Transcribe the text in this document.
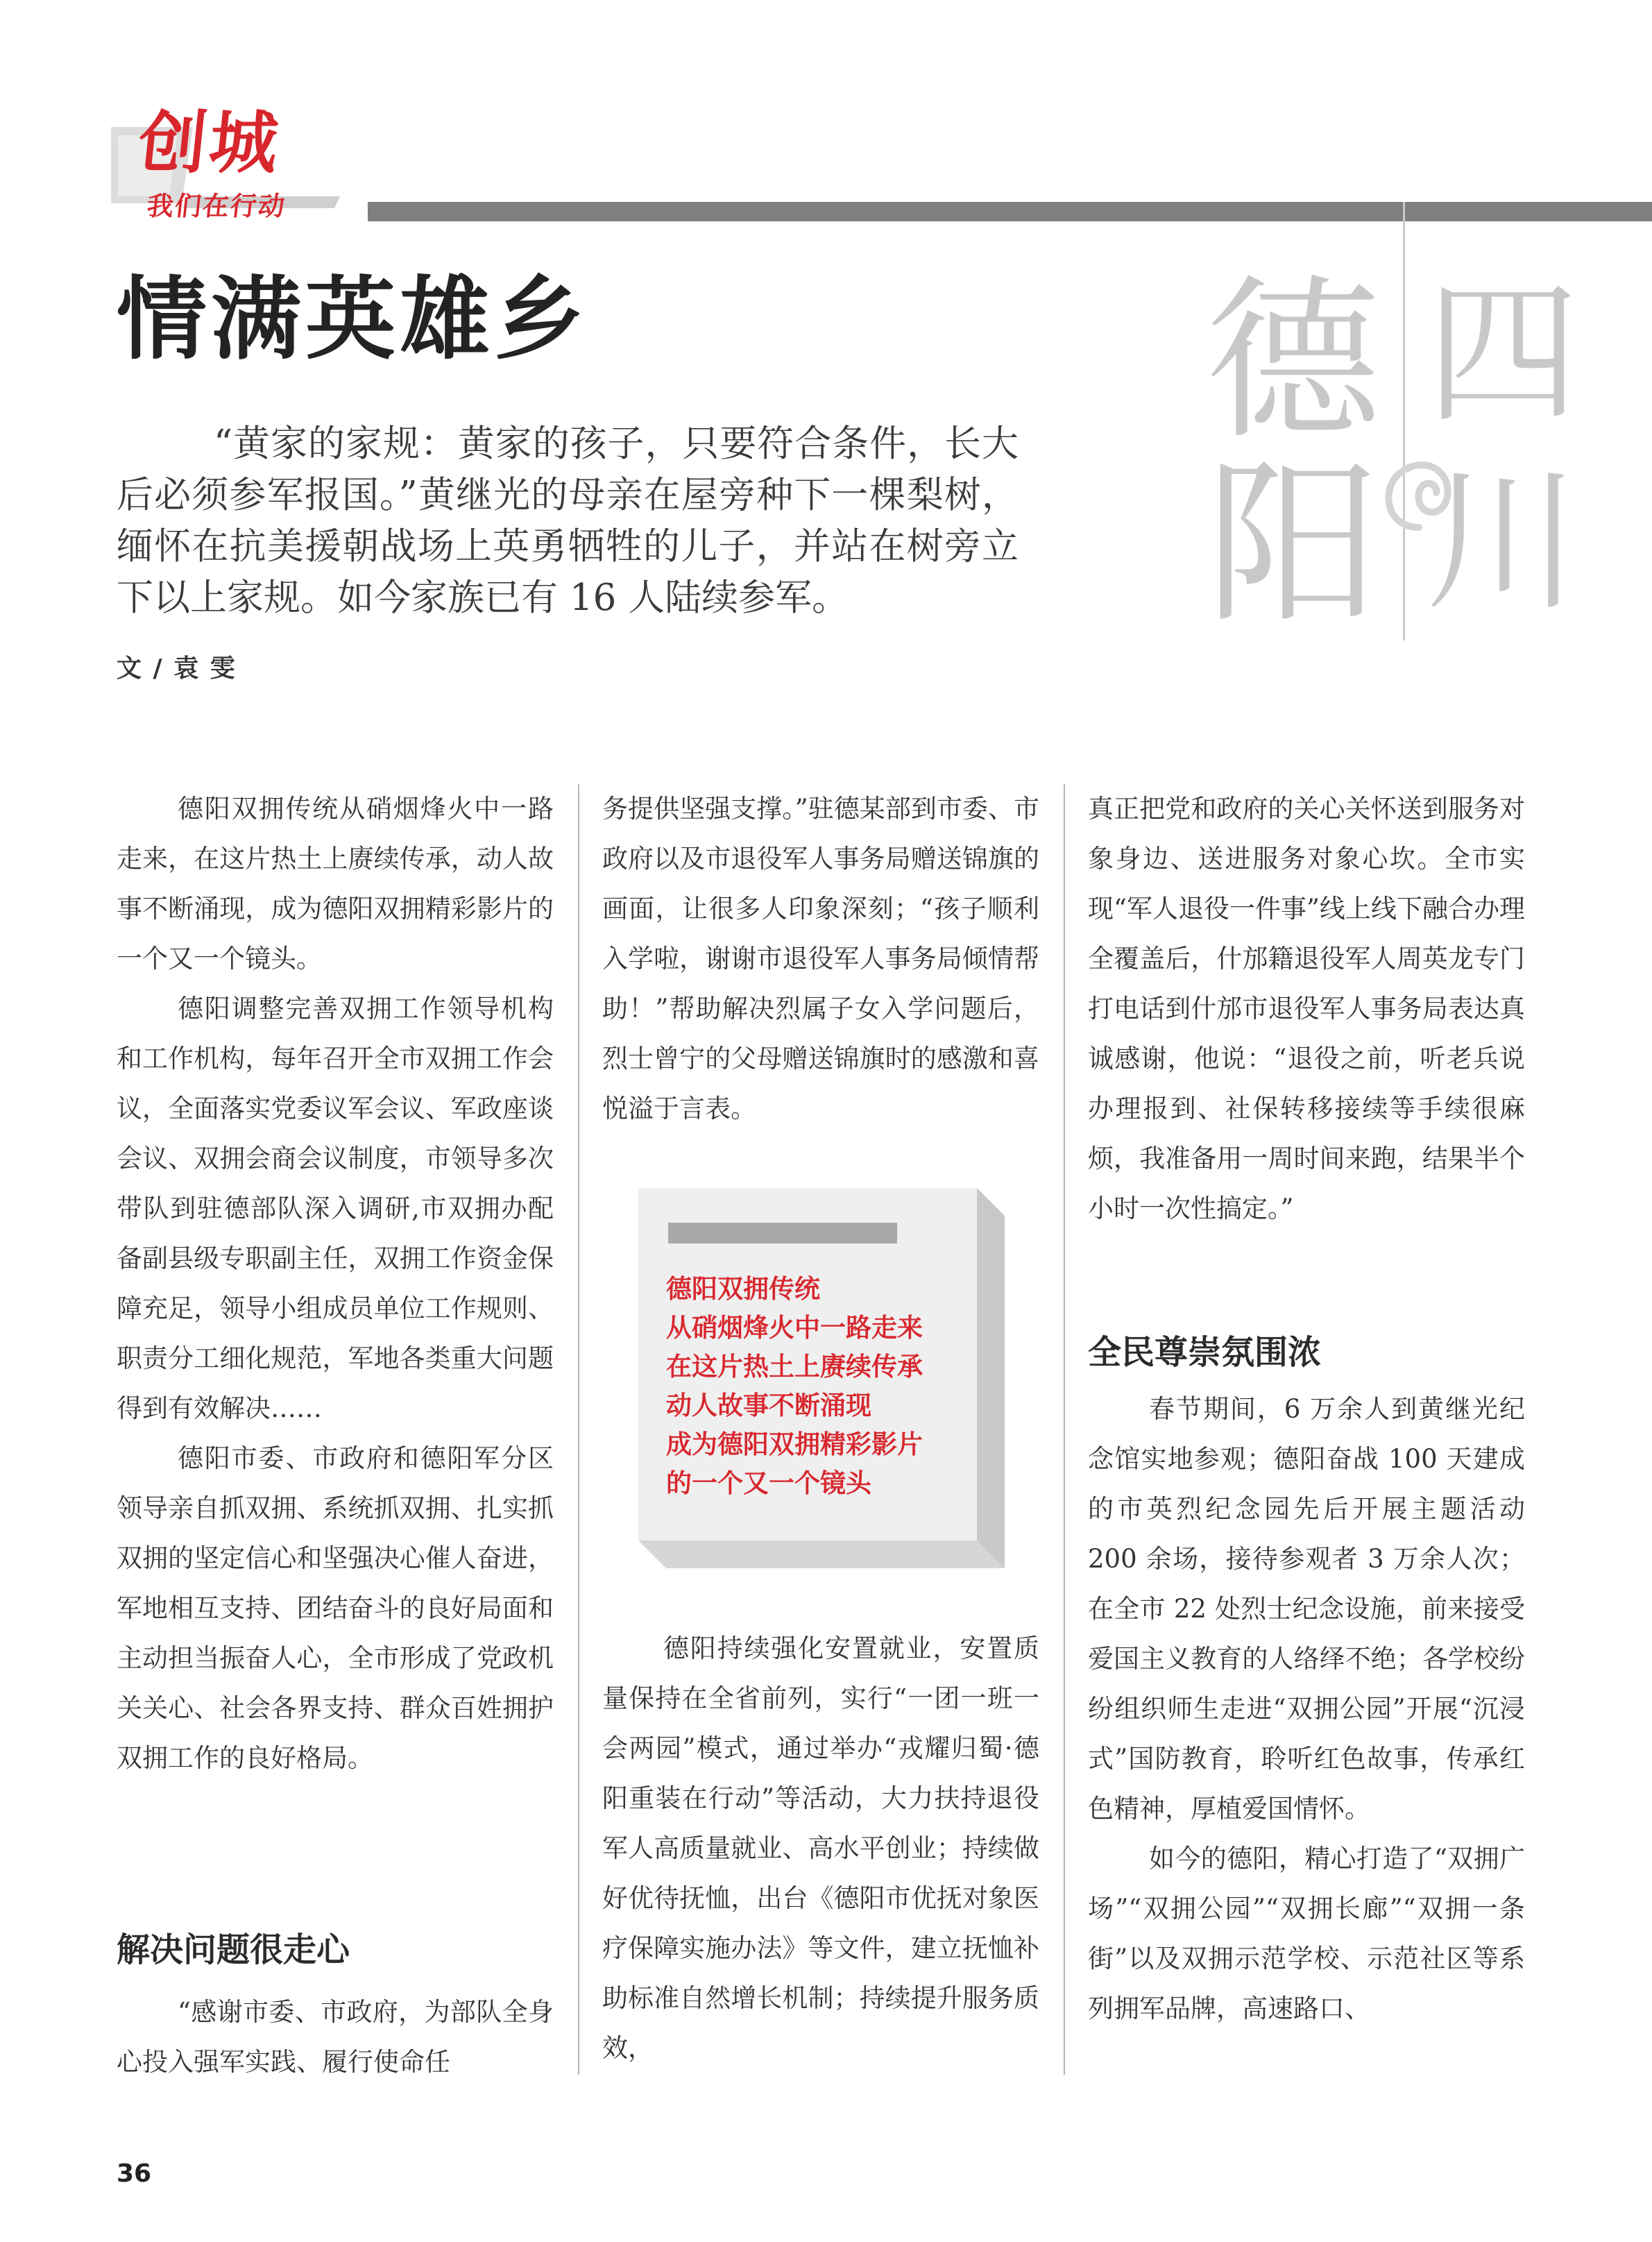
创城
我们在行动
德
阳
四
川
情满英雄乡

“黄家的家规：黄家的孩子，只要符合条件，长大后必须参军报国。”黄继光的母亲在屋旁种下一棵梨树，缅怀在抗美援朝战场上英勇牺牲的儿子，并站在树旁立下以上家规。如今家族已有 16 人陆续参军。

文 / 袁 雯

德阳双拥传统从硝烟烽火中一路走来，在这片热土上赓续传承，动人故事不断涌现，成为德阳双拥精彩影片的一个又一个镜头。

德阳调整完善双拥工作领导机构和工作机构，每年召开全市双拥工作会议，全面落实党委议军会议、军政座谈会议、双拥会商会议制度，市领导多次带队到驻德部队深入调研,市双拥办配备副县级专职副主任，双拥工作资金保障充足，领导小组成员单位工作规则、职责分工细化规范，军地各类重大问题得到有效解决……

德阳市委、市政府和德阳军分区领导亲自抓双拥、系统抓双拥、扎实抓双拥的坚定信心和坚强决心催人奋进，军地相互支持、团结奋斗的良好局面和主动担当振奋人心，全市形成了党政机关关心、社会各界支持、群众百姓拥护双拥工作的良好格局。

解决问题很走心

“感谢市委、市政府，为部队全身心投入强军实践、履行使命任

务提供坚强支撑。”驻德某部到市委、市政府以及市退役军人事务局赠送锦旗的画面，让很多人印象深刻；“孩子顺利入学啦，谢谢市退役军人事务局倾情帮助！”帮助解决烈属子女入学问题后，烈士曾宁的父母赠送锦旗时的感激和喜悦溢于言表。

德阳双拥传统
从硝烟烽火中一路走来
在这片热土上赓续传承
动人故事不断涌现
成为德阳双拥精彩影片
的一个又一个镜头

德阳持续强化安置就业，安置质量保持在全省前列，实行“一团一班一会两园”模式，通过举办“戎耀归蜀·德阳重装在行动”等活动，大力扶持退役军人高质量就业、高水平创业；持续做好优待抚恤，出台《德阳市优抚对象医疗保障实施办法》等文件，建立抚恤补助标准自然增长机制；持续提升服务质效，

真正把党和政府的关心关怀送到服务对象身边、送进服务对象心坎。全市实现“军人退役一件事”线上线下融合办理全覆盖后，什邡籍退役军人周英龙专门打电话到什邡市退役军人事务局表达真诚感谢，他说：“退役之前，听老兵说办理报到、社保转移接续等手续很麻烦，我准备用一周时间来跑，结果半个小时一次性搞定。”

全民尊崇氛围浓

春节期间，6 万余人到黄继光纪念馆实地参观；德阳奋战 100 天建成的市英烈纪念园先后开展主题活动 200 余场，接待参观者 3 万余人次；在全市 22 处烈士纪念设施，前来接受爱国主义教育的人络绎不绝；各学校纷纷组织师生走进“双拥公园”开展“沉浸式”国防教育，聆听红色故事，传承红色精神，厚植爱国情怀。

如今的德阳，精心打造了“双拥广场”“双拥公园”“双拥长廊”“双拥一条街”以及双拥示范学校、示范社区等系列拥军品牌，高速路口、

36
